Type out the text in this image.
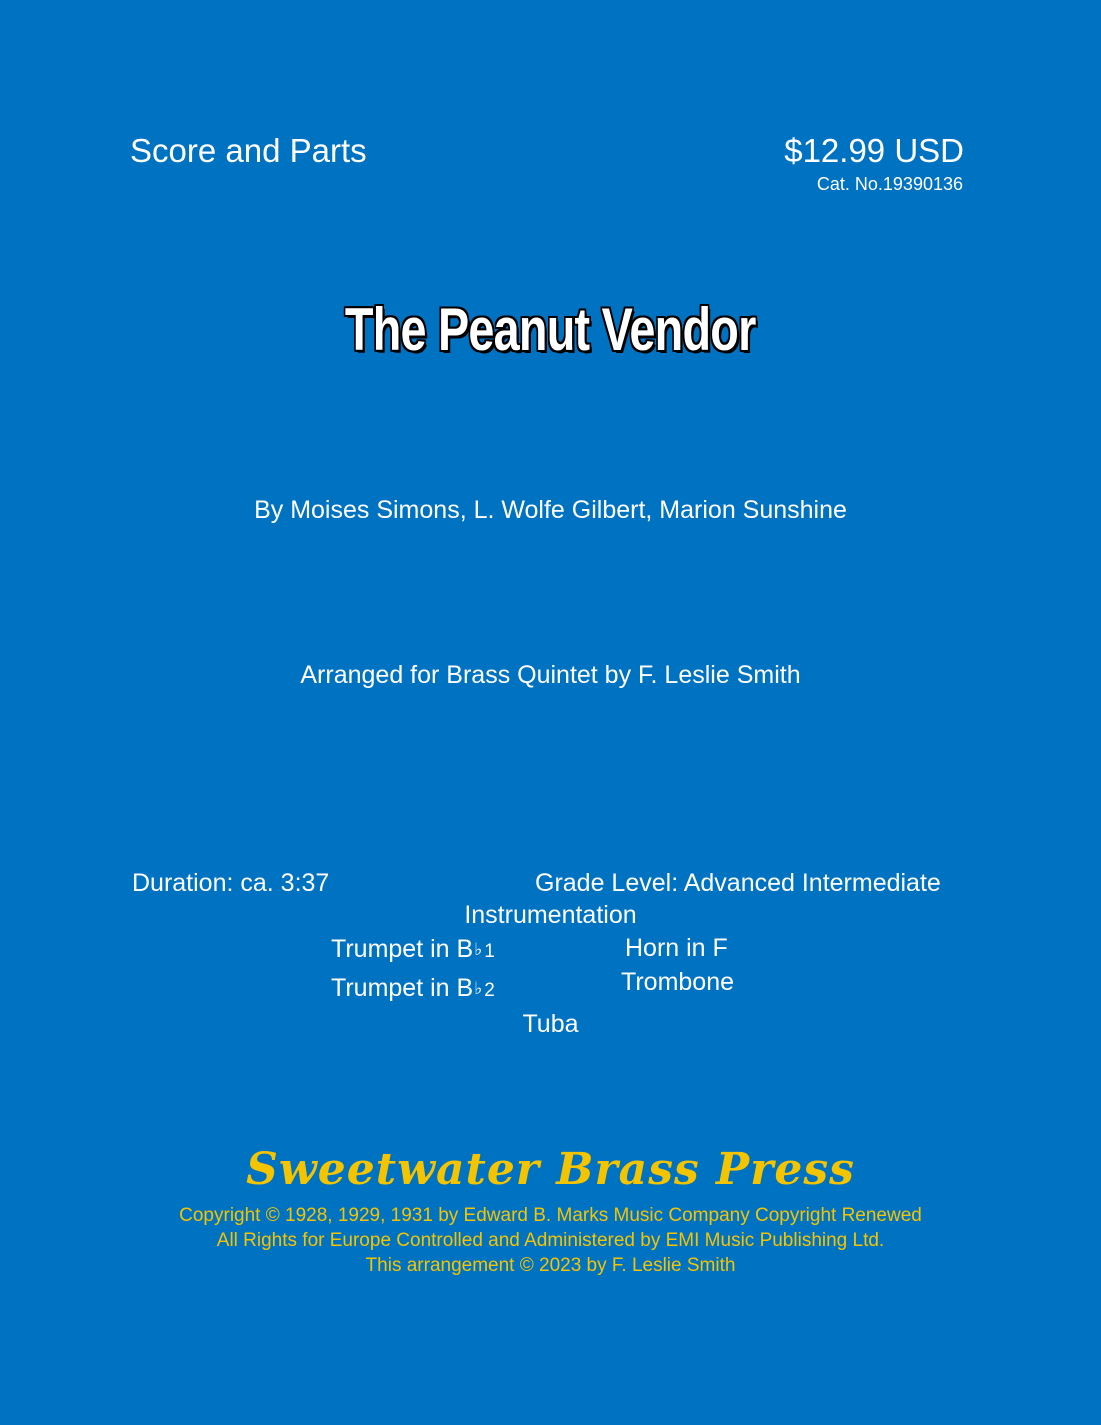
Score and Parts	$12.99 USD
Cat. No.19390136
The Peanut Vendor
By Moises Simons, L. Wolfe Gilbert, Marion Sunshine
Arranged for Brass Quintet by F. Leslie Smith
Duration: ca. 3:37	Grade Level: Advanced Intermediate
Instrumentation
Trumpet in B♭ 1
Trumpet in B♭ 2
Horn in F
Trombone
Tuba
Sweetwater Brass Press
Copyright © 1928, 1929, 1931 by Edward B. Marks Music Company Copyright Renewed
All Rights for Europe Controlled and Administered by EMI Music Publishing Ltd.
This arrangement © 2023 by F. Leslie Smith
